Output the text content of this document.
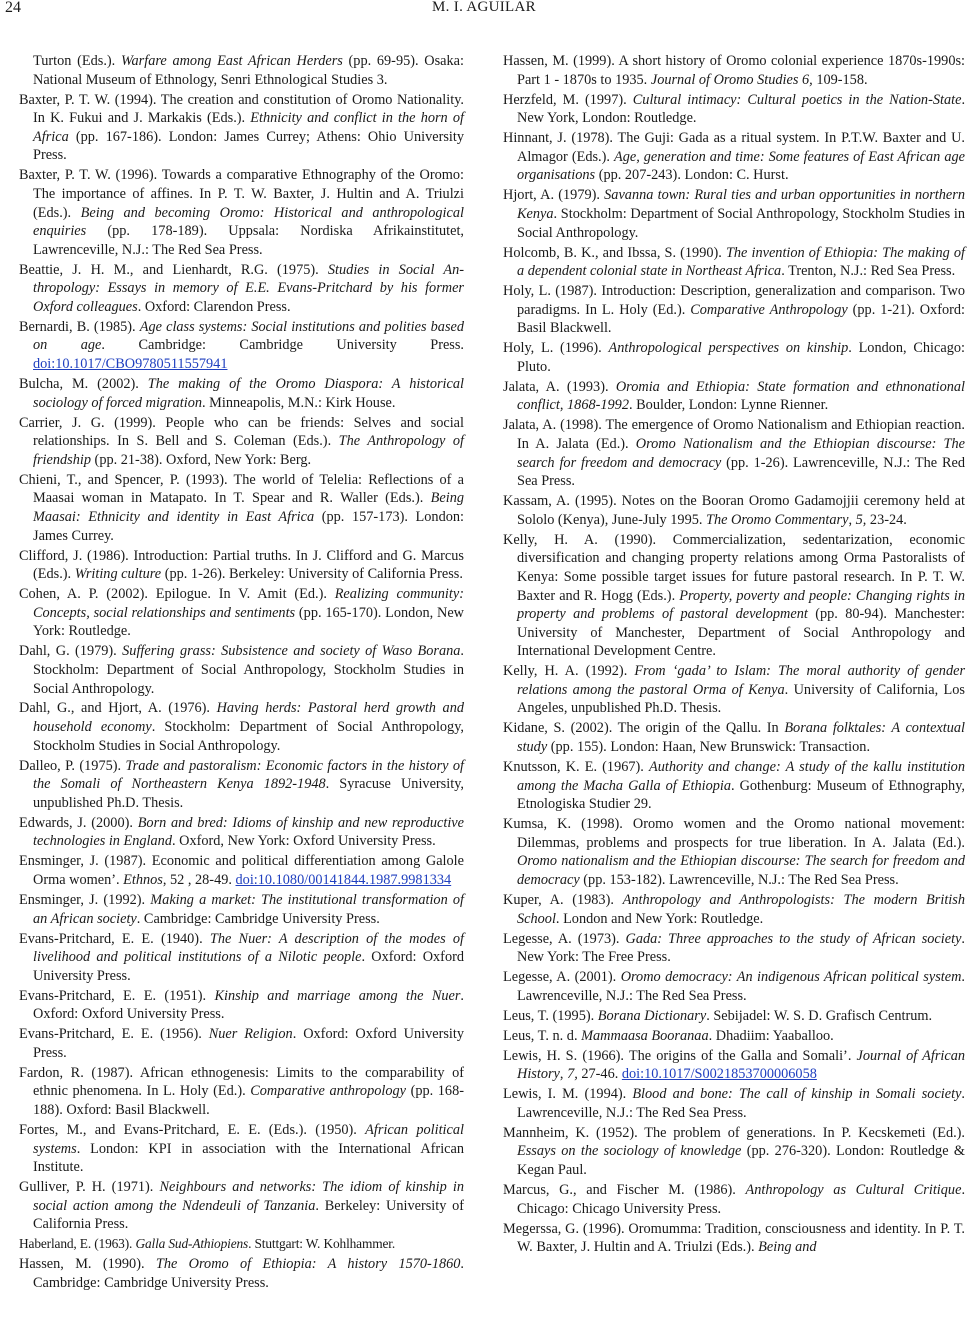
24	M. I. AGUILAR

Turton (Eds.). Warfare among East African Herders (pp. 69-95). Osaka: National Museum of Ethnology, Senri Ethnological Studies 3.

Baxter, P. T. W. (1994). The creation and constitution of Oromo Nationality. In K. Fukui and J. Markakis (Eds.). Ethnicity and conflict in the horn of Africa (pp. 167-186). London: James Currey; Athens: Ohio University Press.

Baxter, P. T. W. (1996). Towards a comparative Ethnography of the Oromo: The importance of affines. In P. T. W. Baxter, J. Hultin and A. Triulzi (Eds.). Being and becoming Oromo: Historical and anthropological enquiries (pp. 178-189). Uppsala: Nordiska Afrikainstitutet, Lawrenceville, N.J.: The Red Sea Press.

Beattie, J. H. M., and Lienhardt, R.G. (1975). Studies in Social Anthropology: Essays in memory of E.E. Evans-Pritchard by his former Oxford colleagues. Oxford: Clarendon Press.

Bernardi, B. (1985). Age class systems: Social institutions and polities based on age. Cambridge: Cambridge University Press. doi:10.1017/CBO9780511557941

Bulcha, M. (2002). The making of the Oromo Diaspora: A historical sociology of forced migration. Minneapolis, M.N.: Kirk House.

Carrier, J. G. (1999). People who can be friends: Selves and social relationships. In S. Bell and S. Coleman (Eds.). The Anthropology of friendship (pp. 21-38). Oxford, New York: Berg.

Chieni, T., and Spencer, P. (1993). The world of Telelia: Reflections of a Maasai woman in Matapato. In T. Spear and R. Waller (Eds.). Being Maasai: Ethnicity and identity in East Africa (pp. 157-173). London: James Currey.

Clifford, J. (1986). Introduction: Partial truths. In J. Clifford and G. Marcus (Eds.). Writing culture (pp. 1-26). Berkeley: University of California Press.

Cohen, A. P. (2002). Epilogue. In V. Amit (Ed.). Realizing community: Concepts, social relationships and sentiments (pp. 165-170). London, New York: Routledge.

Dahl, G. (1979). Suffering grass: Subsistence and society of Waso Borana. Stockholm: Department of Social Anthropology, Stockholm Studies in Social Anthropology.

Dahl, G., and Hjort, A. (1976). Having herds: Pastoral herd growth and household economy. Stockholm: Department of Social Anthropology, Stockholm Studies in Social Anthropology.

Dalleo, P. (1975). Trade and pastoralism: Economic factors in the history of the Somali of Northeastern Kenya 1892-1948. Syracuse University, unpublished Ph.D. Thesis.

Edwards, J. (2000). Born and bred: Idioms of kinship and new reproductive technologies in England. Oxford, New York: Oxford University Press.

Ensminger, J. (1987). Economic and political differentiation among Galole Orma women’. Ethnos, 52 , 28-49. doi:10.1080/00141844.1987.9981334

Ensminger, J. (1992). Making a market: The institutional transformation of an African society. Cambridge: Cambridge University Press.

Evans-Pritchard, E. E. (1940). The Nuer: A description of the modes of livelihood and political institutions of a Nilotic people. Oxford: Oxford University Press.

Evans-Pritchard, E. E. (1951). Kinship and marriage among the Nuer. Oxford: Oxford University Press.

Evans-Pritchard, E. E. (1956). Nuer Religion. Oxford: Oxford University Press.

Fardon, R. (1987). African ethnogenesis: Limits to the comparability of ethnic phenomena. In L. Holy (Ed.). Comparative anthropology (pp. 168-188). Oxford: Basil Blackwell.

Fortes, M., and Evans-Pritchard, E. E. (Eds.). (1950). African political systems. London: KPI in association with the International African Institute.

Gulliver, P. H. (1971). Neighbours and networks: The idiom of kinship in social action among the Ndendeuli of Tanzania. Berkeley: University of California Press.

Haberland, E. (1963). Galla Sud-Athiopiens. Stuttgart: W. Kohlhammer.

Hassen, M. (1990). The Oromo of Ethiopia: A history 1570-1860. Cambridge: Cambridge University Press.

Hassen, M. (1999). A short history of Oromo colonial experience 1870s-1990s: Part 1 - 1870s to 1935. Journal of Oromo Studies 6, 109-158.

Herzfeld, M. (1997). Cultural intimacy: Cultural poetics in the Nation-State. New York, London: Routledge.

Hinnant, J. (1978). The Guji: Gada as a ritual system. In P.T.W. Baxter and U. Almagor (Eds.). Age, generation and time: Some features of East African age organisations (pp. 207-243). London: C. Hurst.

Hjort, A. (1979). Savanna town: Rural ties and urban opportunities in northern Kenya. Stockholm: Department of Social Anthropology, Stockholm Studies in Social Anthropology.

Holcomb, B. K., and Ibssa, S. (1990). The invention of Ethiopia: The making of a dependent colonial state in Northeast Africa. Trenton, N.J.: Red Sea Press.

Holy, L. (1987). Introduction: Description, generalization and comparison. Two paradigms. In L. Holy (Ed.). Comparative Anthropology (pp. 1-21). Oxford: Basil Blackwell.

Holy, L. (1996). Anthropological perspectives on kinship. London, Chicago: Pluto.

Jalata, A. (1993). Oromia and Ethiopia: State formation and ethnonational conflict, 1868-1992. Boulder, London: Lynne Rienner.

Jalata, A. (1998). The emergence of Oromo Nationalism and Ethiopian reaction. In A. Jalata (Ed.). Oromo Nationalism and the Ethiopian discourse: The search for freedom and democracy (pp. 1-26). Lawrenceville, N.J.: The Red Sea Press.

Kassam, A. (1995). Notes on the Booran Oromo Gadamojjii ceremony held at Sololo (Kenya), June-July 1995. The Oromo Commentary, 5, 23-24.

Kelly, H. A. (1990). Commercialization, sedentarization, economic diversification and changing property relations among Orma Pastoralists of Kenya: Some possible target issues for future pastoral research. In P. T. W. Baxter and R. Hogg (Eds.). Property, poverty and people: Changing rights in property and problems of pastoral development (pp. 80-94). Manchester: University of Manchester, Department of Social Anthropology and International Development Centre.

Kelly, H. A. (1992). From ‘gada’ to Islam: The moral authority of gender relations among the pastoral Orma of Kenya. University of California, Los Angeles, unpublished Ph.D. Thesis.

Kidane, S. (2002). The origin of the Qallu. In Borana folktales: A contextual study (pp. 155). London: Haan, New Brunswick: Transaction.

Knutsson, K. E. (1967). Authority and change: A study of the kallu institution among the Macha Galla of Ethiopia. Gothenburg: Museum of Ethnography, Etnologiska Studier 29.

Kumsa, K. (1998). Oromo women and the Oromo national movement: Dilemmas, problems and prospects for true liberation. In A. Jalata (Ed.). Oromo nationalism and the Ethiopian discourse: The search for freedom and democracy (pp. 153-182). Lawrenceville, N.J.: The Red Sea Press.

Kuper, A. (1983). Anthropology and Anthropologists: The modern British School. London and New York: Routledge.

Legesse, A. (1973). Gada: Three approaches to the study of African society. New York: The Free Press.

Legesse, A. (2001). Oromo democracy: An indigenous African political system. Lawrenceville, N.J.: The Red Sea Press.

Leus, T. (1995). Borana Dictionary. Sebijadel: W. S. D. Grafisch Centrum.

Leus, T. n. d. Mammaasa Booranaa. Dhadiim: Yaaballoo.

Lewis, H. S. (1966). The origins of the Galla and Somali’. Journal of African History, 7, 27-46. doi:10.1017/S0021853700006058

Lewis, I. M. (1994). Blood and bone: The call of kinship in Somali society. Lawrenceville, N.J.: The Red Sea Press.

Mannheim, K. (1952). The problem of generations. In P. Kecskemeti (Ed.). Essays on the sociology of knowledge (pp. 276-320). London: Routledge & Kegan Paul.

Marcus, G., and Fischer M. (1986). Anthropology as Cultural Critique. Chicago: Chicago University Press.

Megerssa, G. (1996). Oromumma: Tradition, consciousness and identity. In P. T. W. Baxter, J. Hultin and A. Triulzi (Eds.). Being and
